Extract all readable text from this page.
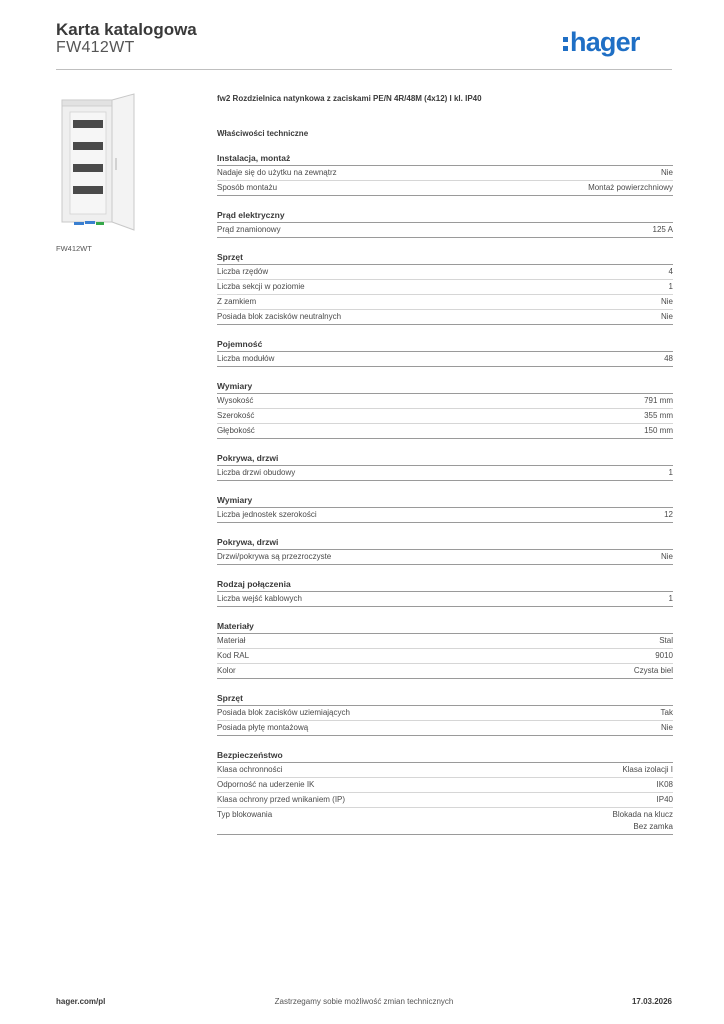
Karta katalogowa
FW412WT	hager
FW412WT
fw2 Rozdzielnica natynkowa z zaciskami PE/N 4R/48M (4x12) I kl. IP40
Właściwości techniczne
Instalacja, montaż
Nadaje się do użytku na zewnątrz	Nie
Sposób montażu	Montaż powierzchniowy
Prąd elektryczny
Prąd znamionowy	125 A
Sprzęt
Liczba rzędów	4
Liczba sekcji w poziomie	1
Z zamkiem	Nie
Posiada blok zacisków neutralnych	Nie
Pojemność
Liczba modułów	48
Wymiary
Wysokość	791 mm
Szerokość	355 mm
Głębokość	150 mm
Pokrywa, drzwi
Liczba drzwi obudowy	1
Wymiary
Liczba jednostek szerokości	12
Pokrywa, drzwi
Drzwi/pokrywa są przezroczyste	Nie
Rodzaj połączenia
Liczba wejść kablowych	1
Materiały
Materiał	Stal
Kod RAL	9010
Kolor	Czysta biel
Sprzęt
Posiada blok zacisków uziemiających	Tak
Posiada płytę montażową	Nie
Bezpieczeństwo
Klasa ochronności	Klasa izolacji I
Odporność na uderzenie IK	IK08
Klasa ochrony przed wnikaniem (IP)	IP40
Typ blokowania	Blokada na klucz
Bez zamka
hager.com/pl	Zastrzegamy sobie możliwość zmian technicznych	17.03.2026
